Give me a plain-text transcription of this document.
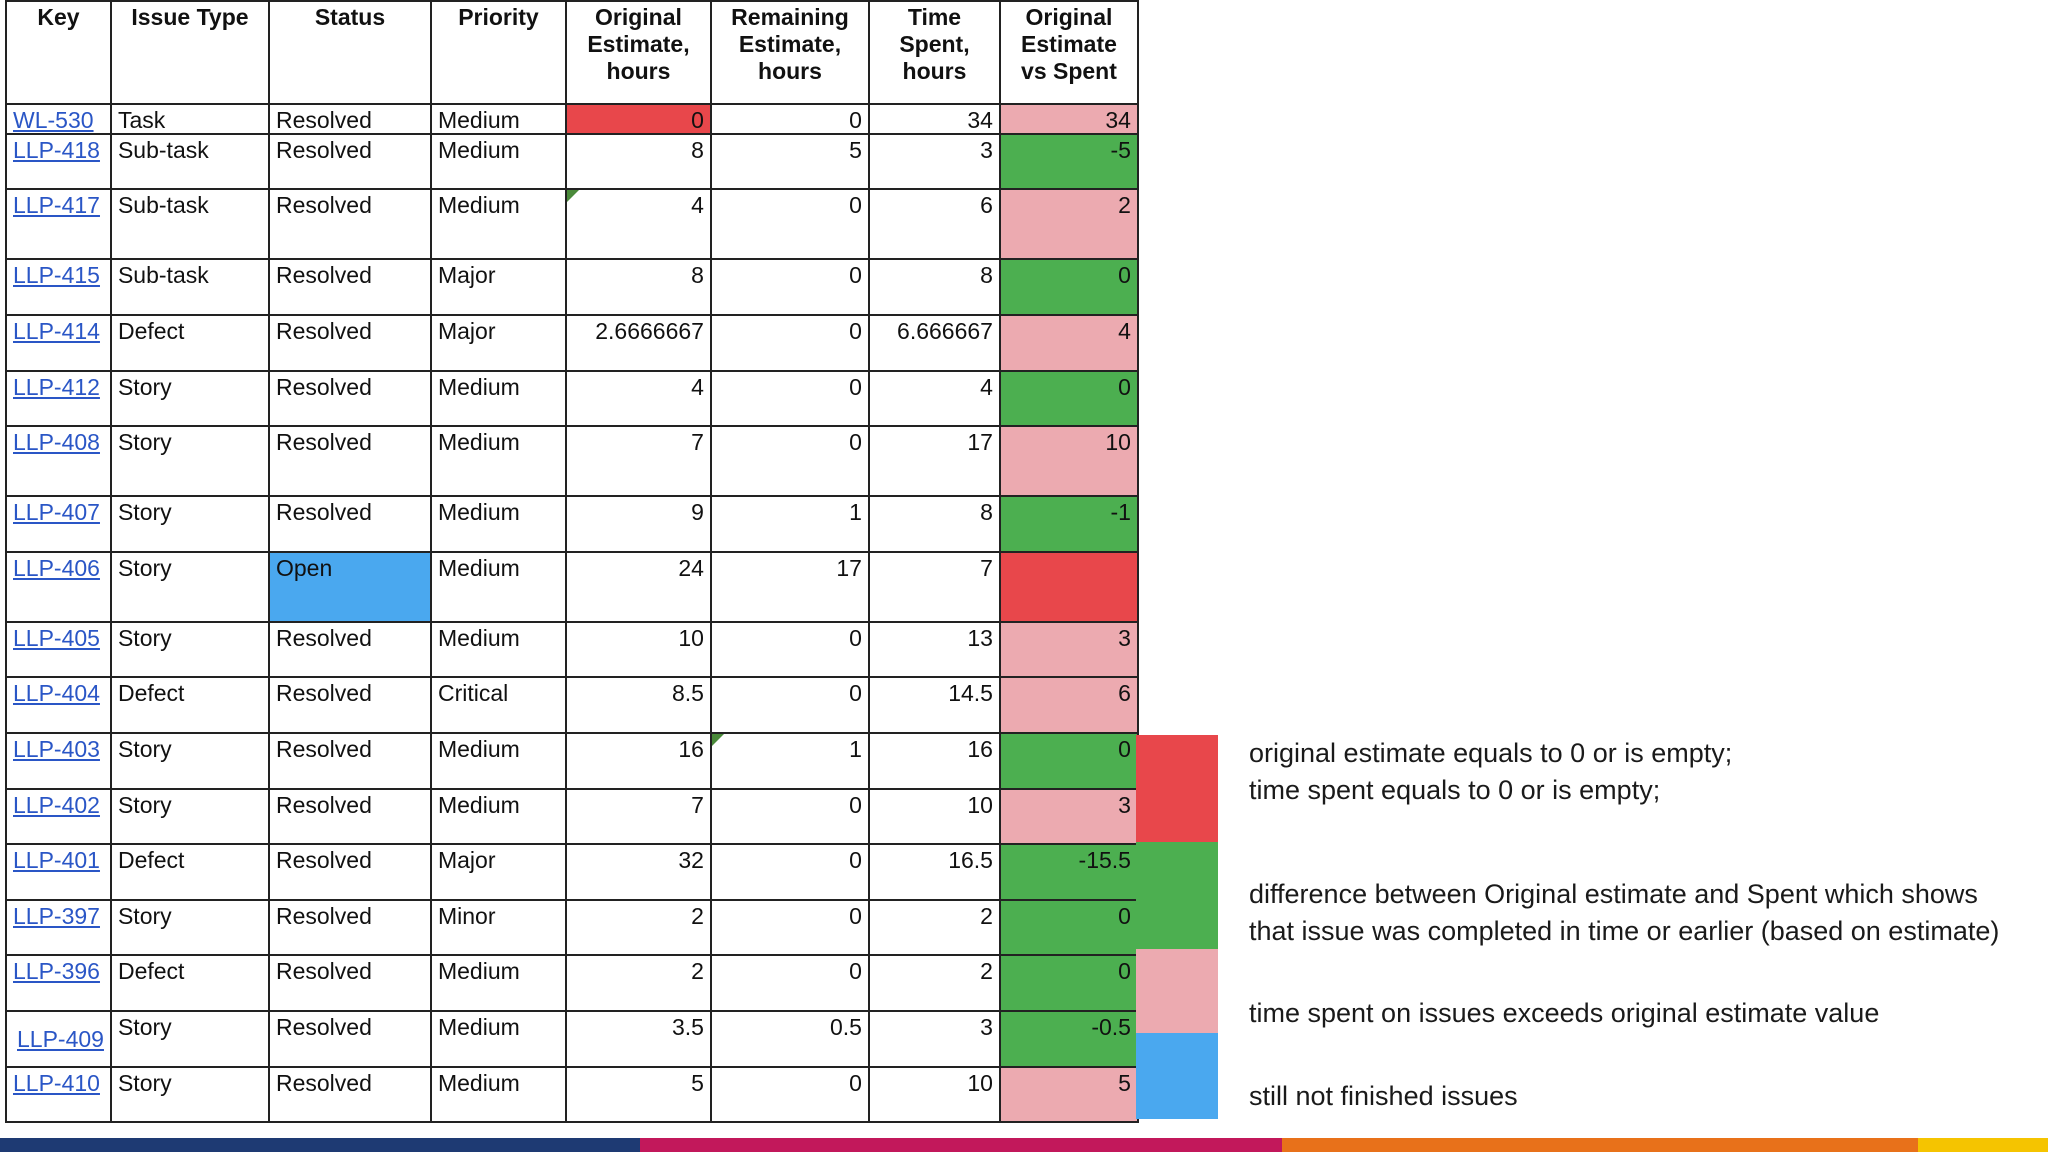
Key	Issue Type	Status	Priority	Original Estimate, hours	Remaining Estimate, hours	Time Spent, hours	Original Estimate vs Spent
WL-530	Task	Resolved	Medium	0	0	34	34
LLP-418	Sub-task	Resolved	Medium	8	5	3	-5
LLP-417	Sub-task	Resolved	Medium	4	0	6	2
LLP-415	Sub-task	Resolved	Major	8	0	8	0
LLP-414	Defect	Resolved	Major	2.6666667	0	6.666667	4
LLP-412	Story	Resolved	Medium	4	0	4	0
LLP-408	Story	Resolved	Medium	7	0	17	10
LLP-407	Story	Resolved	Medium	9	1	8	-1
LLP-406	Story	Open	Medium	24	17	7	
LLP-405	Story	Resolved	Medium	10	0	13	3
LLP-404	Defect	Resolved	Critical	8.5	0	14.5	6
LLP-403	Story	Resolved	Medium	16	1	16	0
LLP-402	Story	Resolved	Medium	7	0	10	3
LLP-401	Defect	Resolved	Major	32	0	16.5	-15.5
LLP-397	Story	Resolved	Minor	2	0	2	0
LLP-396	Defect	Resolved	Medium	2	0	2	0
LLP-409	Story	Resolved	Medium	3.5	0.5	3	-0.5
LLP-410	Story	Resolved	Medium	5	0	10	5
original estimate equals to 0 or is empty;
time spent equals to 0 or is empty;
difference between Original estimate and Spent which shows
that issue was completed in time or earlier (based on estimate)
time spent on issues exceeds original estimate value
still not finished issues
